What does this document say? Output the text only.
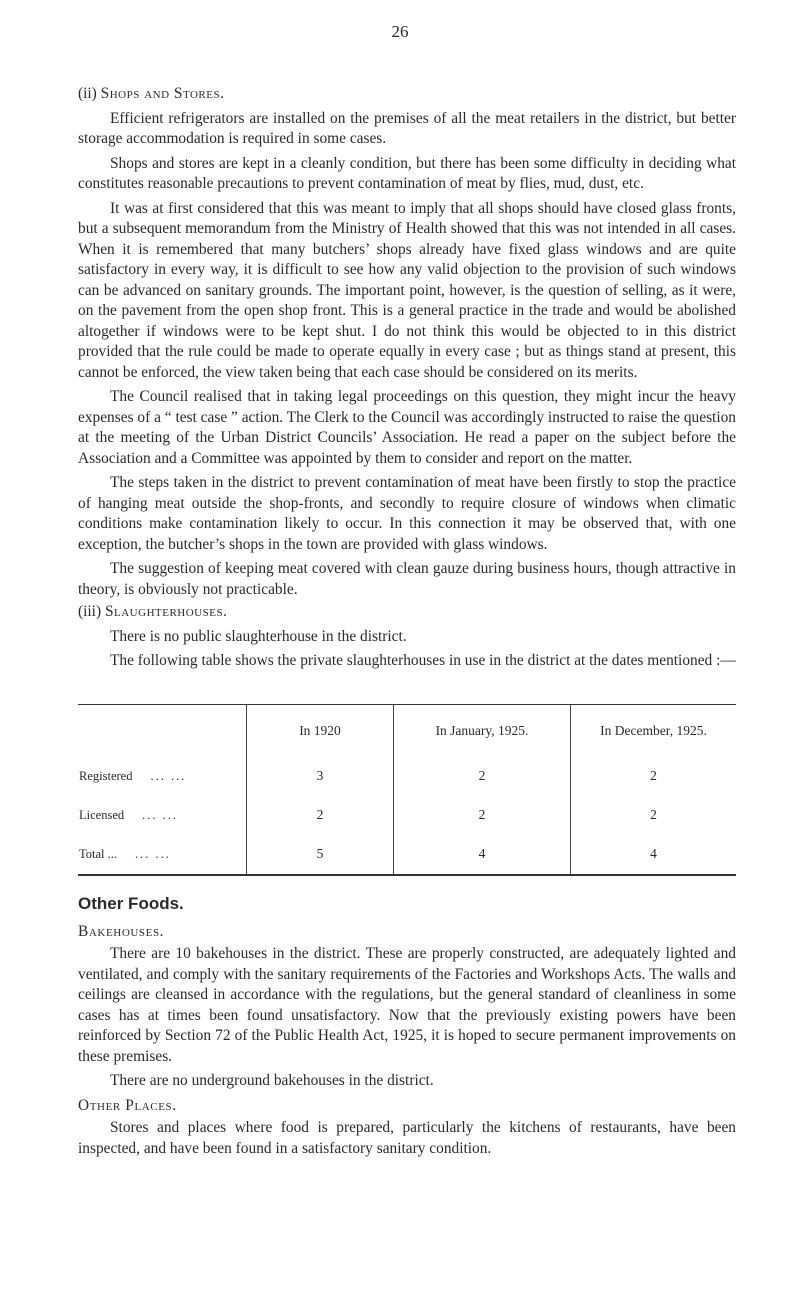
26
(ii) Shops and Stores.

Efficient refrigerators are installed on the premises of all the meat retailers in the district, but better storage accommodation is required in some cases.

Shops and stores are kept in a cleanly condition, but there has been some difficulty in deciding what constitutes reasonable precautions to prevent contamination of meat by flies, mud, dust, etc.

It was at first considered that this was meant to imply that all shops should have closed glass fronts, but a subsequent memorandum from the Ministry of Health showed that this was not intended in all cases. When it is remembered that many butchers’ shops already have fixed glass windows and are quite satisfactory in every way, it is difficult to see how any valid objection to the provision of such windows can be advanced on sanitary grounds. The important point, however, is the question of selling, as it were, on the pavement from the open shop front. This is a general practice in the trade and would be abolished altogether if windows were to be kept shut. I do not think this would be objected to in this district provided that the rule could be made to operate equally in every case ; but as things stand at present, this cannot be enforced, the view taken being that each case should be considered on its merits.

The Council realised that in taking legal proceedings on this question, they might incur the heavy expenses of a “ test case ” action. The Clerk to the Council was accordingly instructed to raise the question at the meeting of the Urban District Councils’ Association. He read a paper on the subject before the Association and a Committee was appointed by them to consider and report on the matter.

The steps taken in the district to prevent contamination of meat have been firstly to stop the practice of hanging meat outside the shop-fronts, and secondly to require closure of windows when climatic conditions make contamination likely to occur. In this connection it may be observed that, with one exception, the butcher’s shops in the town are provided with glass windows.

The suggestion of keeping meat covered with clean gauze during business hours, though attractive in theory, is obviously not practicable.

(iii) Slaughterhouses.

There is no public slaughterhouse in the district.

The following table shows the private slaughterhouses in use in the district at the dates mentioned :—

	In 1920	In January, 1925.	In December, 1925.
Registered ... ...	3	2	2
Licensed ... ...	2	2	2
Total ... ... ...	5	4	4
Other Foods.
Bakehouses.

There are 10 bakehouses in the district. These are properly constructed, are adequately lighted and ventilated, and comply with the sanitary requirements of the Factories and Workshops Acts. The walls and ceilings are cleansed in accordance with the regulations, but the general standard of cleanliness in some cases has at times been found unsatisfactory. Now that the previously existing powers have been reinforced by Section 72 of the Public Health Act, 1925, it is hoped to secure permanent improvements on these premises.

There are no underground bakehouses in the district.

Other Places.

Stores and places where food is prepared, particularly the kitchens of restaurants, have been inspected, and have been found in a satisfactory sanitary condition.
